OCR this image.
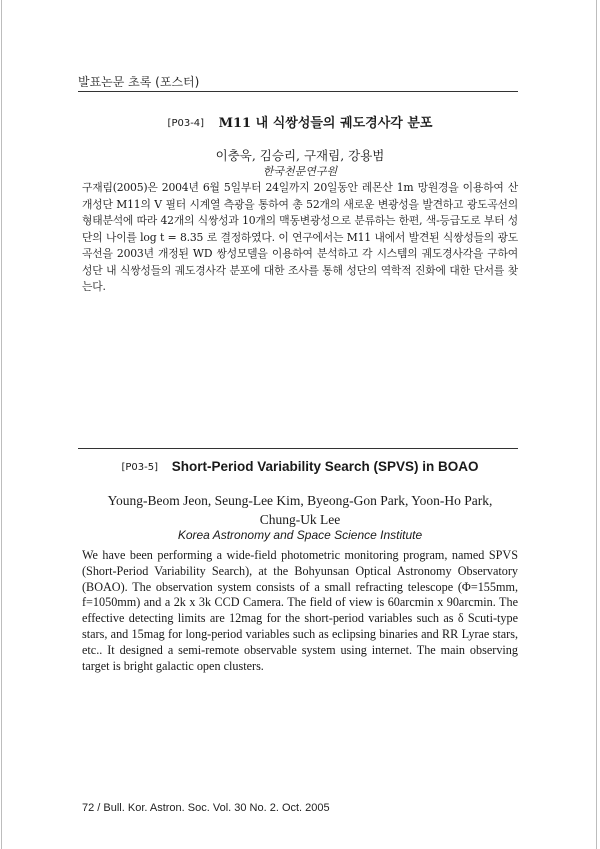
발표논문 초록 (포스터)
[P03-4] M11 내 식쌍성들의 궤도경사각 분포
이충욱, 김승리, 구재림, 강용범
한국천문연구원
구재림(2005)은 2004년 6월 5일부터 24일까지 20일동안 레몬산 1m 망원경을 이용하여 산개성단 M11의 V 필터 시계열 측광을 통하여 총 52개의 새로운 변광성을 발견하고 광도곡선의 형태분석에 따라 42개의 식쌍성과 10개의 맥동변광성으로 분류하는 한편, 색-등급도로 부터 성단의 나이를 log t = 8.35 로 결정하였다. 이 연구에서는 M11 내에서 발견된 식쌍성들의 광도곡선을 2003년 개정된 WD 쌍성모델을 이용하여 분석하고 각 시스템의 궤도경사각을 구하여 성단 내 식쌍성들의 궤도경사각 분포에 대한 조사를 통해 성단의 역학적 진화에 대한 단서를 찾는다.
[P03-5] Short-Period Variability Search (SPVS) in BOAO
Young-Beom Jeon, Seung-Lee Kim, Byeong-Gon Park, Yoon-Ho Park,
Chung-Uk Lee
Korea Astronomy and Space Science Institute
We have been performing a wide-field photometric monitoring program, named SPVS (Short-Period Variability Search), at the Bohyunsan Optical Astronomy Observatory (BOAO). The observation system consists of a small refracting telescope (Φ=155mm, f=1050mm) and a 2k x 3k CCD Camera. The field of view is 60arcmin x 90arcmin. The effective detecting limits are 12mag for the short-period variables such as δ Scuti-type stars, and 15mag for long-period variables such as eclipsing binaries and RR Lyrae stars, etc.. It designed a semi-remote observable system using internet. The main observing target is bright galactic open clusters.
72 / Bull. Kor. Astron. Soc. Vol. 30 No. 2. Oct. 2005
